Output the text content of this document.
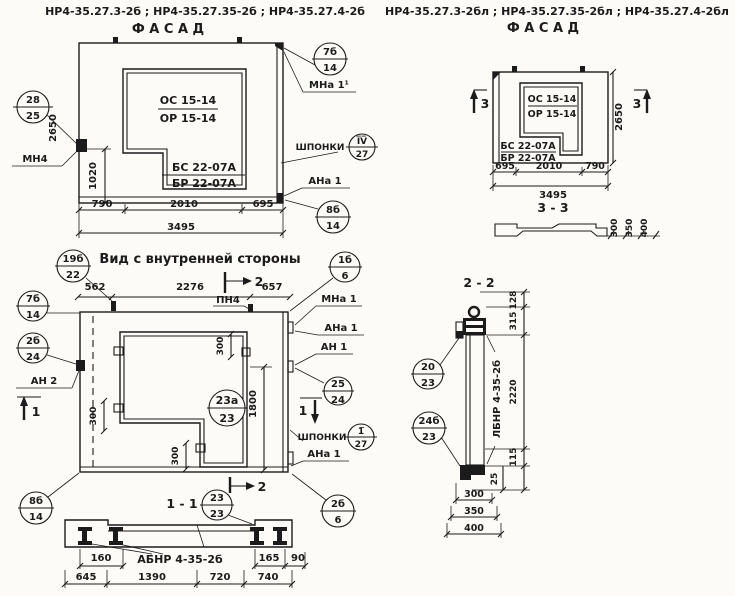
НР4-35.27.3-2б ; НР4-35.27.35-2б ; НР4-35.27.4-2б
Ф А С А Д
НР4-35.27.3-2бл ; НР4-35.27.35-2бл ; НР4-35.27.4-2бл
Ф А С А Д
ОС 15-14
ОР 15-14
БС 22-07А
БР 22-07А
28
25 2650
МН4
1020
790	2010	695
3495
7б
14
МНа 1¹
ШПОНКИ
I̅V̅
27
АНа 1
8б
14
19б
22
Вид с внутренней стороны
562	2276	657
2
ПН4
300
1800
300
300
23а
23
2
1б
6
МНа 1
АНа 1
АН 1
25
24
1
ШПОНКИ
1̅
27
АНа 1
2б
6
7б
14
2б
24
АН 2
1
8б
14
1 - 1 23
23
АБНР 4-35-2б
160	165 90
645	1390	720	740
ОС 15-14
ОР 15-14
БС 22-07А
БР 22-07А
3	3
2650
695 2010 790
3495
3 - 3
300 350 400
2 - 2
20
23
24б
23	ЛБНР 4-35-2б
128
315
2220
115
25
300
350
400
